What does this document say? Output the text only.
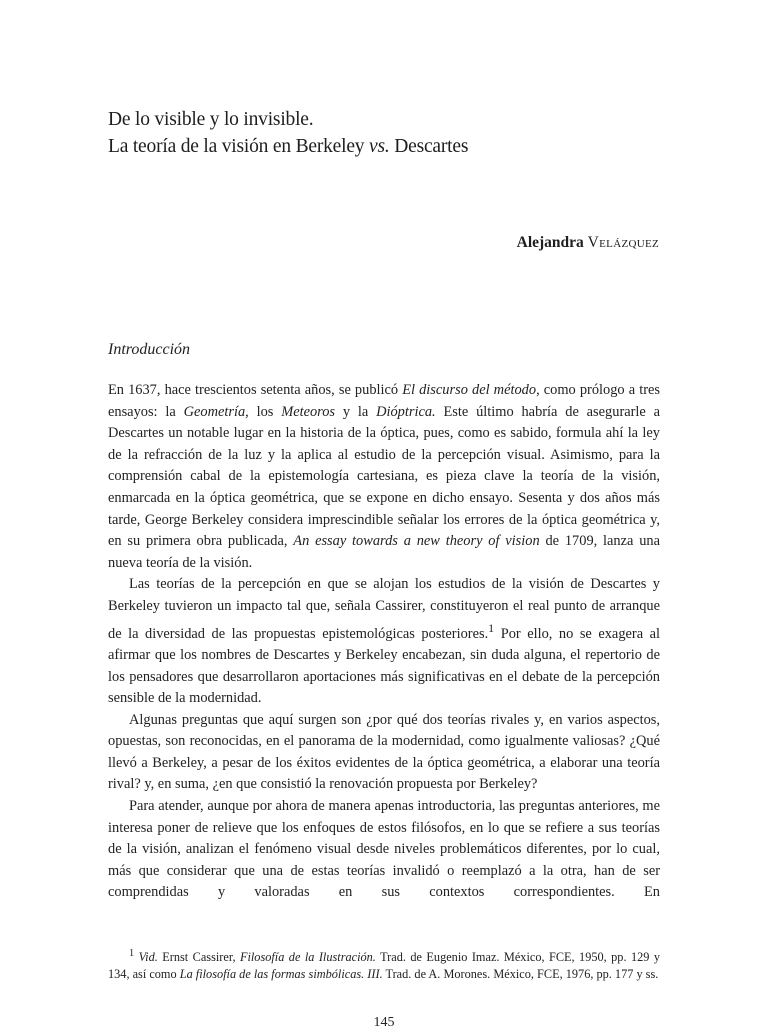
De lo visible y lo invisible.
La teoría de la visión en Berkeley vs. Descartes
Alejandra Velázquez
Introducción

En 1637, hace trescientos setenta años, se publicó El discurso del método, como prólogo a tres ensayos: la Geometría, los Meteoros y la Dióptrica. Este último habría de asegurarle a Descartes un notable lugar en la historia de la óptica, pues, como es sabido, formula ahí la ley de la refracción de la luz y la aplica al estudio de la percepción visual. Asimismo, para la comprensión cabal de la epistemología cartesiana, es pieza clave la teoría de la visión, enmarcada en la óptica geométrica, que se expone en dicho ensayo. Sesenta y dos años más tarde, George Berkeley considera imprescindible señalar los errores de la óptica geométrica y, en su primera obra publicada, An essay towards a new theory of vision de 1709, lanza una nueva teoría de la visión.

Las teorías de la percepción en que se alojan los estudios de la visión de Descartes y Berkeley tuvieron un impacto tal que, señala Cassirer, constituyeron el real punto de arranque de la diversidad de las propuestas epistemológicas posteriores.$^1$ Por ello, no se exagera al afirmar que los nombres de Descartes y Berkeley encabezan, sin duda alguna, el repertorio de los pensadores que desarrollaron aportaciones más significativas en el debate de la percepción sensible de la modernidad.

Algunas preguntas que aquí surgen son ¿por qué dos teorías rivales y, en varios aspectos, opuestas, son reconocidas, en el panorama de la modernidad, como igualmente valiosas? ¿Qué llevó a Berkeley, a pesar de los éxitos evidentes de la óptica geométrica, a elaborar una teoría rival? y, en suma, ¿en que consistió la renovación propuesta por Berkeley?

Para atender, aunque por ahora de manera apenas introductoria, las preguntas anteriores, me interesa poner de relieve que los enfoques de estos filósofos, en lo que se refiere a sus teorías de la visión, analizan el fenómeno visual desde niveles problemáticos diferentes, por lo cual, más que considerar que una de estas teorías invalidó o reemplazó a la otra, han de ser comprendidas y valoradas en sus contextos correspondientes. En

$^1$ Vid. Ernst Cassirer, Filosofía de la Ilustración. Trad. de Eugenio Imaz. México, FCE, 1950, pp. 129 y 134, así como La filosofía de las formas simbólicas. III. Trad. de A. Morones. México, FCE, 1976, pp. 177 y ss.
145
